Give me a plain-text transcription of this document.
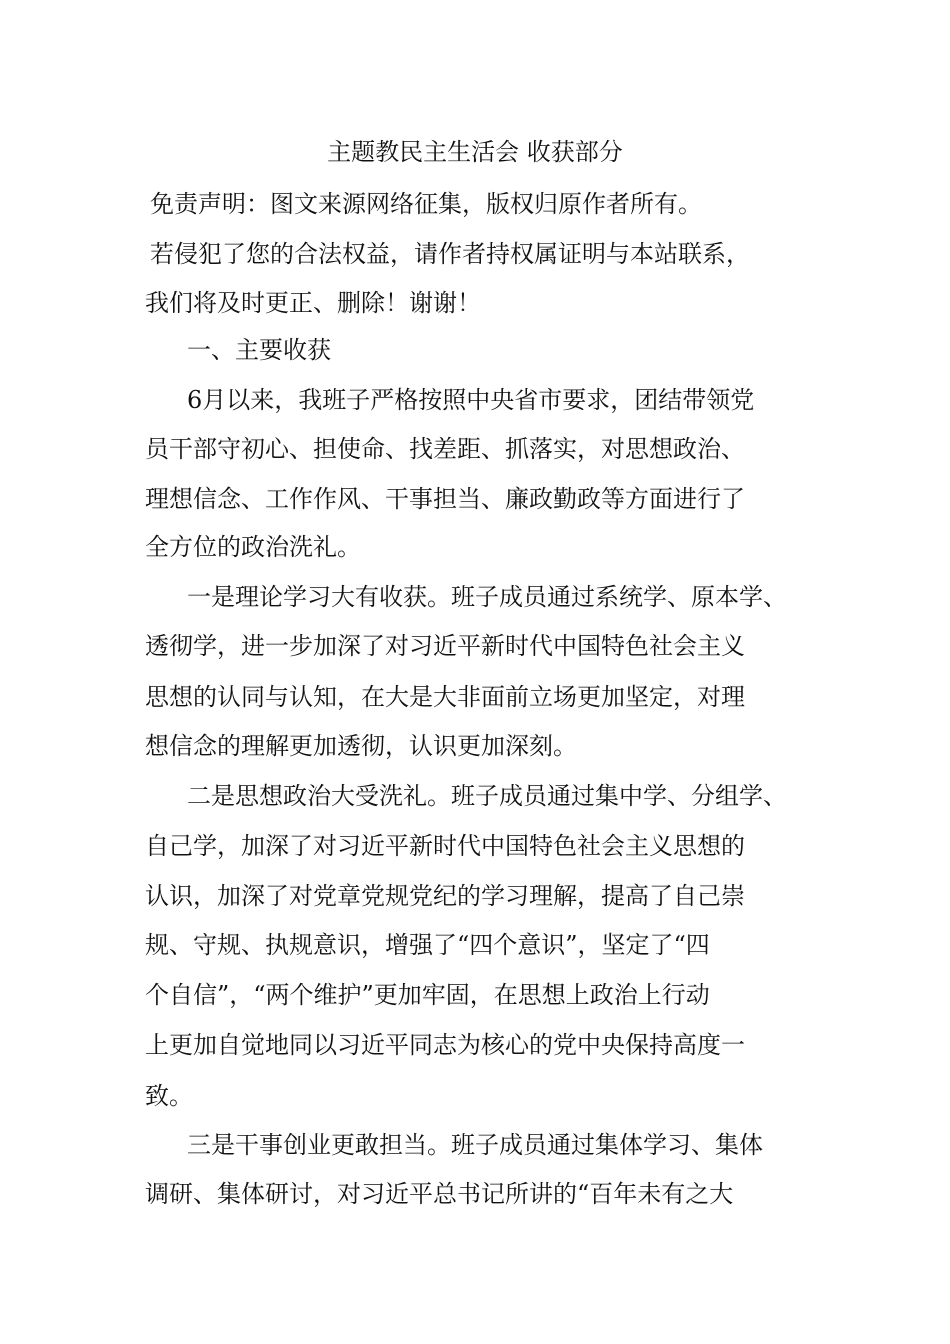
主题教民主生活会 收获部分
免责声明：图文来源网络征集，版权归原作者所有。
若侵犯了您的合法权益，请作者持权属证明与本站联系，
我们将及时更正、删除！谢谢！
一、主要收获
6月以来，我班子严格按照中央省市要求，团结带领党
员干部守初心、担使命、找差距、抓落实，对思想政治、
理想信念、工作作风、干事担当、廉政勤政等方面进行了
全方位的政治洗礼。
一是理论学习大有收获。班子成员通过系统学、原本学、
透彻学，进一步加深了对习近平新时代中国特色社会主义
思想的认同与认知，在大是大非面前立场更加坚定，对理
想信念的理解更加透彻，认识更加深刻。
二是思想政治大受洗礼。班子成员通过集中学、分组学、
自己学，加深了对习近平新时代中国特色社会主义思想的
认识，加深了对党章党规党纪的学习理解，提高了自己崇
规、守规、执规意识，增强了“四个意识”，坚定了“四
个自信”，“两个维护”更加牢固，在思想上政治上行动
上更加自觉地同以习近平同志为核心的党中央保持高度一
致。
三是干事创业更敢担当。班子成员通过集体学习、集体
调研、集体研讨，对习近平总书记所讲的“百年未有之大
